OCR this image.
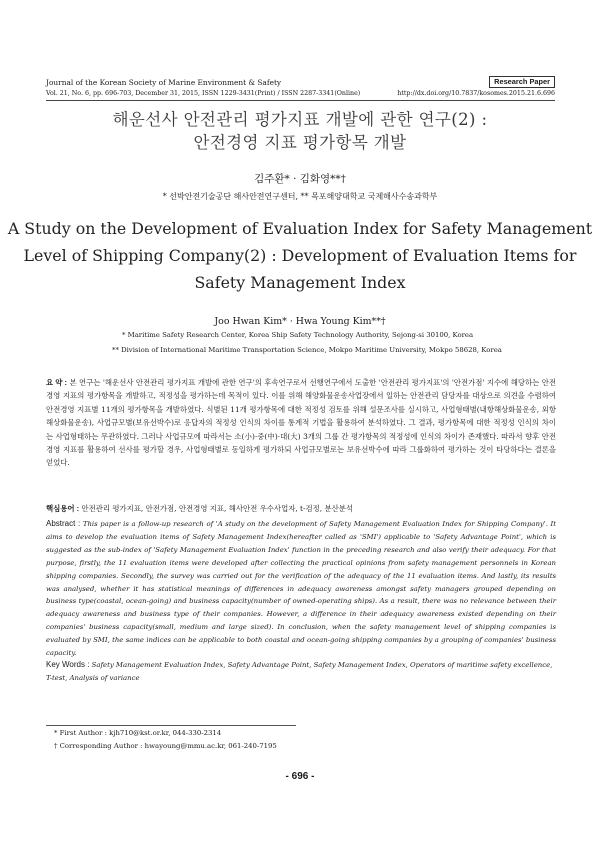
Journal of the Korean Society of Marine Environment & Safety	Research Paper
Vol. 21, No. 6, pp. 696-703, December 31, 2015, ISSN 1229-3431(Print) / ISSN 2287-3341(Online)	http://dx.doi.org/10.7837/kosomes.2015.21.6.696
해운선사 안전관리 평가지표 개발에 관한 연구(2) :
안전경영 지표 평가항목 개발
김주환* · 김화영**†
* 선박안전기술공단 해사안전연구센터, ** 목포해양대학교 국제해사수송과학부
A Study on the Development of Evaluation Index for Safety Management
Level of Shipping Company(2) : Development of Evaluation Items for
Safety Management Index
Joo Hwan Kim* · Hwa Young Kim**†
* Maritime Safety Research Center, Korea Ship Safety Technology Authority, Sejong-si 30100, Korea
** Division of International Maritime Transportation Science, Mokpo Maritime University, Mokpo 58628, Korea
요 약 : 본 연구는 '해운선사 안전관리 평가지표 개발에 관한 연구'의 후속연구로서 선행연구에서 도출한 '안전관리 평가지표'의 '안전가점' 지수에 해당하는 안전경영 지표의 평가항목을 개발하고, 적정성을 평가하는데 목적이 있다. 이를 위해 해양화물운송사업장에서 일하는 안전관리 담당자를 대상으로 의견을 수렴하여 안전경영 지표별 11개의 평가항목을 개발하였다. 식별된 11개 평가항목에 대한 적정성 검토를 위해 설문조사를 실시하고, 사업형태별(내항해상화물운송, 외항해상화물운송), 사업규모별(보유선박수)로 응답자의 적정성 인식의 차이를 통계적 기법을 활용하여 분석하였다. 그 결과, 평가항목에 대한 적정성 인식의 차이는 사업형태하는 무관하였다. 그러나 사업규모에 따라서는 소(小)·중(中)·대(大) 3개의 그룹 간 평가항목의 적정성에 인식의 차이가 존재했다. 따라서 향후 안전경영 지표를 활용하여 선사를 평가할 경우, 사업형태별로 동일하게 평가하되 사업규모별로는 보유선박수에 따라 그룹화하여 평가하는 것이 타당하다는 결론을 얻었다.
핵심용어 : 안전관리 평가지표, 안전가점, 안전경영 지표, 해사안전 우수사업자, t-검정, 분산분석
Abstract : This paper is a follow-up research of 'A study on the development of Safety Management Evaluation Index for Shipping Company'. It aims to develop the evaluation items of Safety Management Index(hereafter called as 'SMI') applicable to 'Safety Advantage Point', which is suggested as the sub-index of 'Safety Management Evaluation Index' function in the preceding research and also verify their adequacy. For that purpose, firstly, the 11 evaluation items were developed after collecting the practical opinions from safety management personnels in Korean shipping companies. Secondly, the survey was carried out for the verification of the adequacy of the 11 evaluation items. And lastly, its results was analysed, whether it has statistical meanings of differences in adequacy awareness amongst safety managers grouped depending on business type(coastal, ocean-going) and business capacity(number of owned-operating ships). As a result, there was no relevance between their adequacy awareness and business type of their companies. However, a difference in their adequacy awareness existed depending on their companies' business capacity(small, medium and large sized). In conclusion, when the safety management level of shipping companies is evaluated by SMI, the same indices can be applicable to both coastal and ocean-going shipping companies by a grouping of companies' business capacity.
Key Words : Safety Management Evaluation Index, Safety Advantage Point, Safety Management Index, Operators of maritime safety excellence, T-test, Analysis of variance
* First Author : kjh710@kst.or.kr, 044-330-2314
† Corresponding Author : hwayoung@mmu.ac.kr, 061-240-7195
- 696 -
